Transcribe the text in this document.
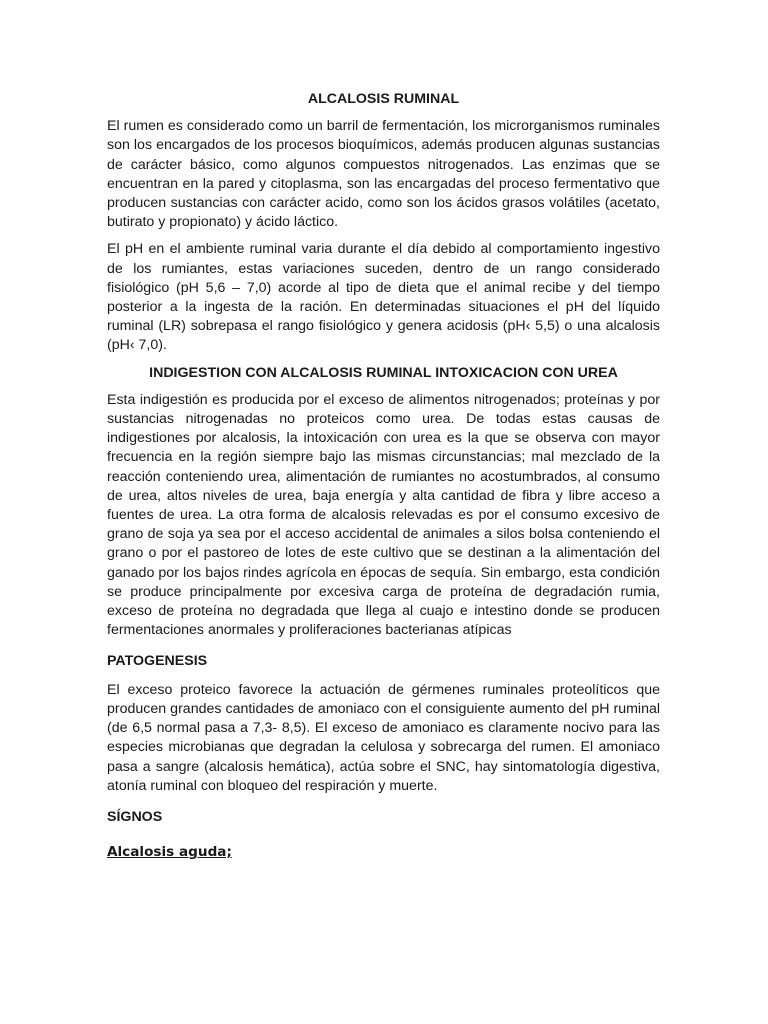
ALCALOSIS RUMINAL

El rumen es considerado como un barril de fermentación, los microrganismos ruminales son los encargados de los procesos bioquímicos, además producen algunas sustancias de carácter básico, como algunos compuestos nitrogenados. Las enzimas que se encuentran en la pared y citoplasma, son las encargadas del proceso fermentativo que producen sustancias con carácter acido, como son los ácidos grasos volátiles (acetato, butirato y propionato) y ácido láctico.

El pH en el ambiente ruminal varia durante el día debido al comportamiento ingestivo de los rumiantes, estas variaciones suceden, dentro de un rango considerado fisiológico (pH 5,6 – 7,0) acorde al tipo de dieta que el animal recibe y del tiempo posterior a la ingesta de la ración. En determinadas situaciones el pH del líquido ruminal (LR) sobrepasa el rango fisiológico y genera acidosis (pH‹ 5,5) o una alcalosis (pH‹ 7,0).

INDIGESTION CON ALCALOSIS RUMINAL INTOXICACION CON UREA

Esta indigestión es producida por el exceso de alimentos nitrogenados; proteínas y por sustancias nitrogenadas no proteicos como urea. De todas estas causas de indigestiones por alcalosis, la intoxicación con urea es la que se observa con mayor frecuencia en la región siempre bajo las mismas circunstancias; mal mezclado de la reacción conteniendo urea, alimentación de rumiantes no acostumbrados, al consumo de urea, altos niveles de urea, baja energía y alta cantidad de fibra y libre acceso a fuentes de urea. La otra forma de alcalosis relevadas es por el consumo excesivo de grano de soja ya sea por el acceso accidental de animales a silos bolsa conteniendo el grano o por el pastoreo de lotes de este cultivo que se destinan a la alimentación del ganado por los bajos rindes agrícola en épocas de sequía. Sin embargo, esta condición se produce principalmente por excesiva carga de proteína de degradación rumia, exceso de proteína no degradada que llega al cuajo e intestino donde se producen fermentaciones anormales y proliferaciones bacterianas atípicas

PATOGENESIS

El exceso proteico favorece la actuación de gérmenes ruminales proteolíticos que producen grandes cantidades de amoniaco con el consiguiente aumento del pH ruminal (de 6,5 normal pasa a 7,3- 8,5). El exceso de amoniaco es claramente nocivo para las especies microbianas que degradan la celulosa y sobrecarga del rumen. El amoniaco pasa a sangre (alcalosis hemática), actúa sobre el SNC, hay sintomatología digestiva, atonía ruminal con bloqueo del respiración y muerte.

SÍGNOS
Alcalosis aguda;
